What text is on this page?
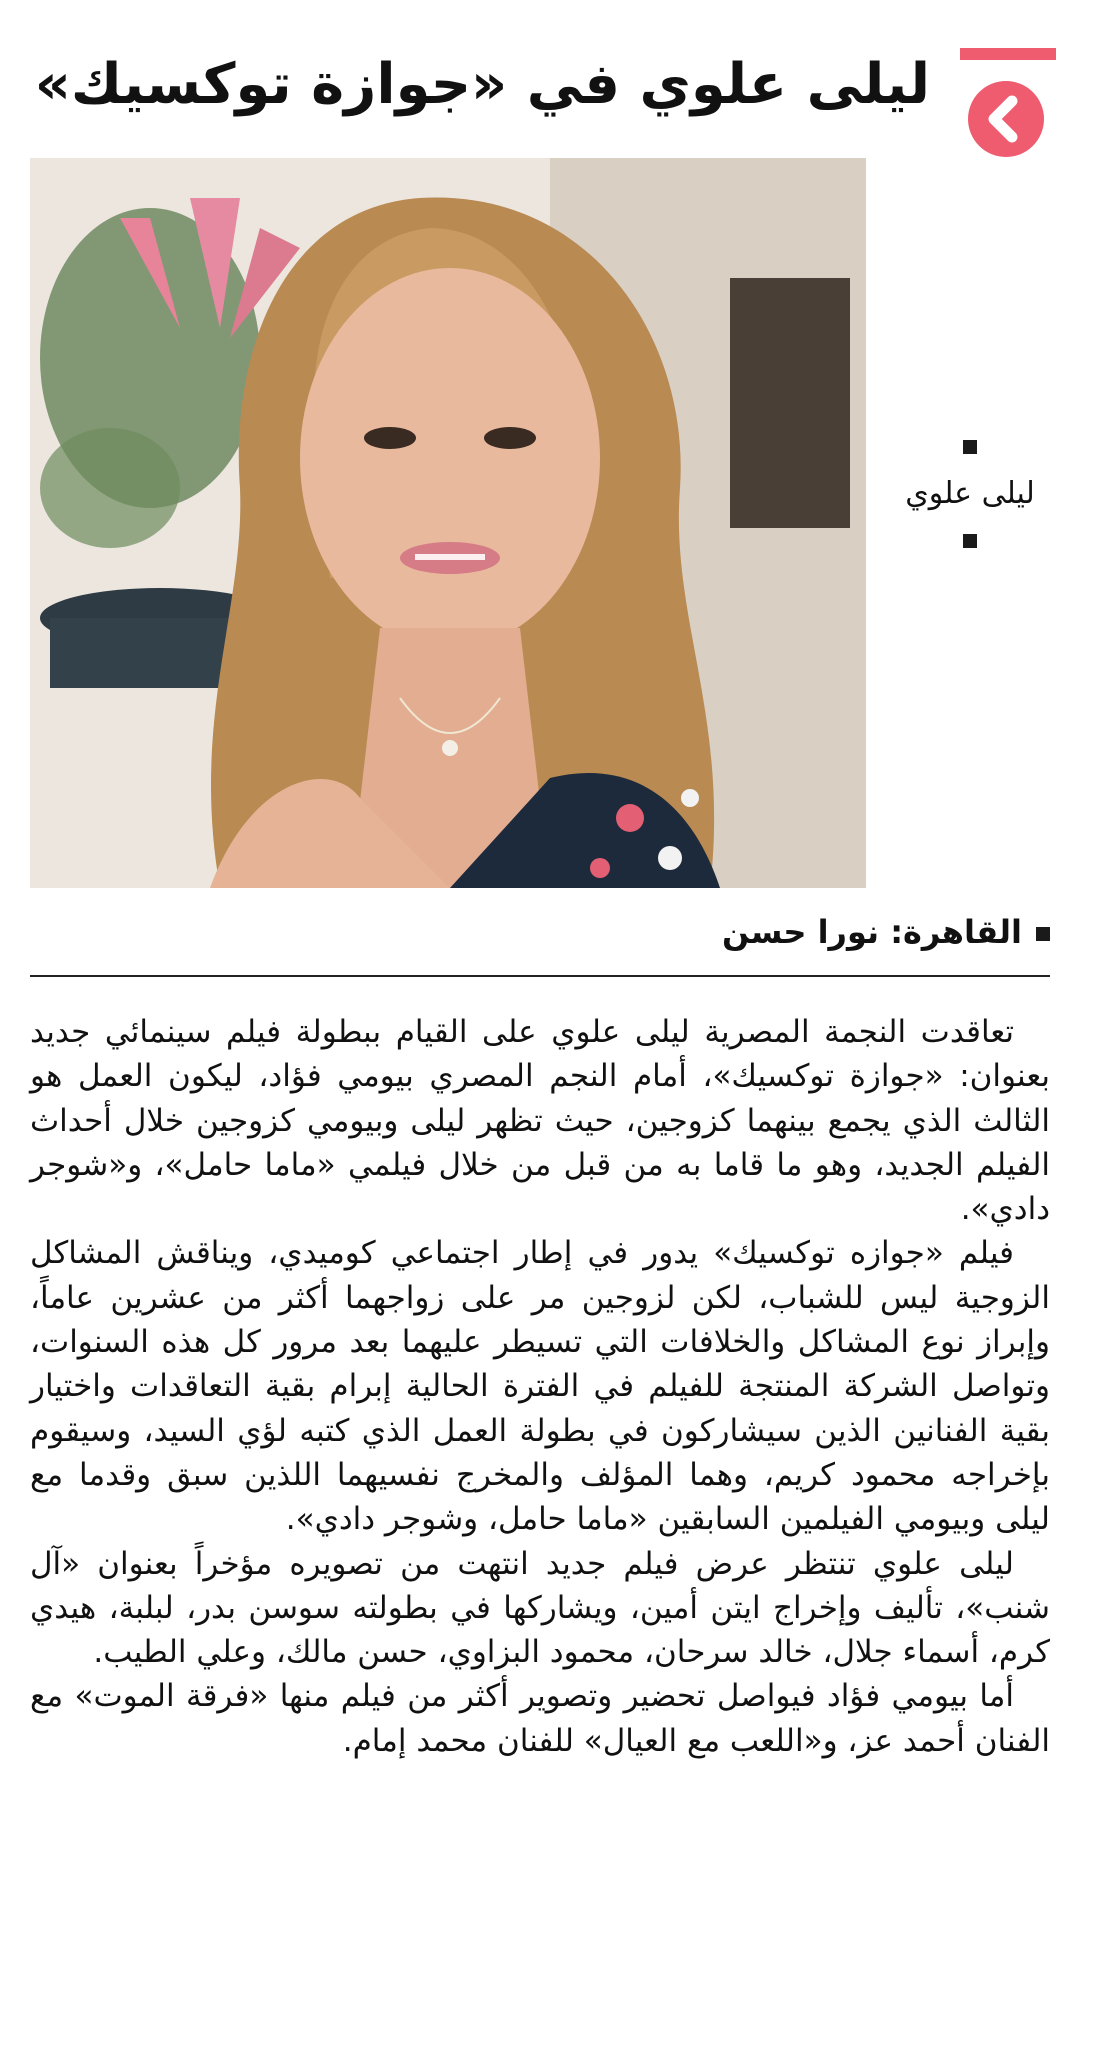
ليلى علوي في «جوازة توكسيك»
ليلى علوي
القاهرة: نورا حسن

تعاقدت النجمة المصرية ليلى علوي على القيام ببطولة فيلم سينمائي جديد بعنوان: «جوازة توكسيك»، أمام النجم المصري بيومي فؤاد، ليكون العمل هو الثالث الذي يجمع بينهما كزوجين، حيث تظهر ليلى وبيومي كزوجين خلال أحداث الفيلم الجديد، وهو ما قاما به من قبل من خلال فيلمي «ماما حامل»، و«شوجر دادي».

فيلم «جوازه توكسيك» يدور في إطار اجتماعي كوميدي، ويناقش المشاكل الزوجية ليس للشباب، لكن لزوجين مر على زواجهما أكثر من عشرين عاماً، وإبراز نوع المشاكل والخلافات التي تسيطر عليهما بعد مرور كل هذه السنوات، وتواصل الشركة المنتجة للفيلم في الفترة الحالية إبرام بقية التعاقدات واختيار بقية الفنانين الذين سيشاركون في بطولة العمل الذي كتبه لؤي السيد، وسيقوم بإخراجه محمود كريم، وهما المؤلف والمخرج نفسيهما اللذين سبق وقدما مع ليلى وبيومي الفيلمين السابقين «ماما حامل، وشوجر دادي».

ليلى علوي تنتظر عرض فيلم جديد انتهت من تصويره مؤخراً بعنوان «آل شنب»، تأليف وإخراج ايتن أمين، ويشاركها في بطولته سوسن بدر، لبلبة، هيدي كرم، أسماء جلال، خالد سرحان، محمود البزاوي، حسن مالك، وعلي الطيب.

أما بيومي فؤاد فيواصل تحضير وتصوير أكثر من فيلم منها «فرقة الموت» مع الفنان أحمد عز، و«اللعب مع العيال» للفنان محمد إمام.
